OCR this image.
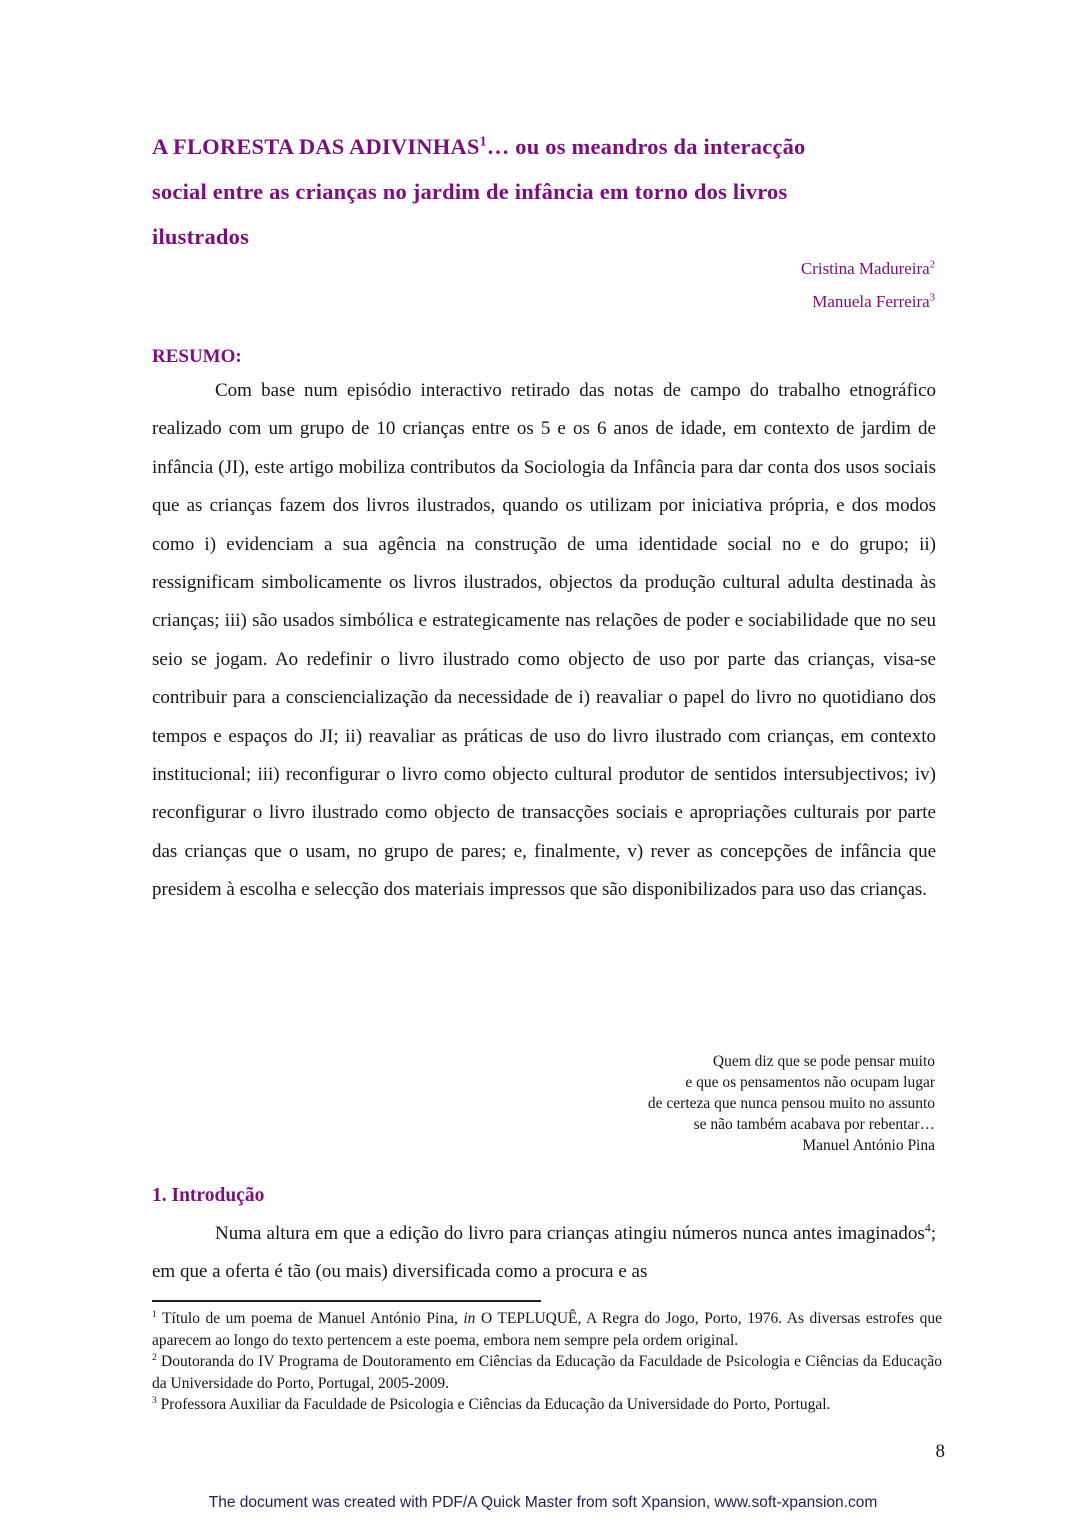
A FLORESTA DAS ADIVINHAS$^1$… ou os meandros da interacção
social entre as crianças no jardim de infância em torno dos livros
ilustrados
Cristina Madureira$^2$
Manuela Ferreira$^3$
RESUMO:

Com base num episódio interactivo retirado das notas de campo do trabalho etnográfico realizado com um grupo de 10 crianças entre os 5 e os 6 anos de idade, em contexto de jardim de infância (JI), este artigo mobiliza contributos da Sociologia da Infância para dar conta dos usos sociais que as crianças fazem dos livros ilustrados, quando os utilizam por iniciativa própria, e dos modos como i) evidenciam a sua agência na construção de uma identidade social no e do grupo; ii) ressignificam simbolicamente os livros ilustrados, objectos da produção cultural adulta destinada às crianças; iii) são usados simbólica e estrategicamente nas relações de poder e sociabilidade que no seu seio se jogam. Ao redefinir o livro ilustrado como objecto de uso por parte das crianças, visa-se contribuir para a consciencialização da necessidade de i) reavaliar o papel do livro no quotidiano dos tempos e espaços do JI; ii) reavaliar as práticas de uso do livro ilustrado com crianças, em contexto institucional; iii) reconfigurar o livro como objecto cultural produtor de sentidos intersubjectivos; iv) reconfigurar o livro ilustrado como objecto de transacções sociais e apropriações culturais por parte das crianças que o usam, no grupo de pares; e, finalmente, v) rever as concepções de infância que presidem à escolha e selecção dos materiais impressos que são disponibilizados para uso das crianças.

Quem diz que se pode pensar muito
e que os pensamentos não ocupam lugar
de certeza que nunca pensou muito no assunto
se não também acabava por rebentar…
Manuel António Pina
1. Introdução

Numa altura em que a edição do livro para crianças atingiu números nunca antes imaginados$^4$; em que a oferta é tão (ou mais) diversificada como a procura e as

$^1$ Título de um poema de Manuel António Pina, in O TEPLUQUÊ, A Regra do Jogo, Porto, 1976. As diversas estrofes que aparecem ao longo do texto pertencem a este poema, embora nem sempre pela ordem original.

$^2$ Doutoranda do IV Programa de Doutoramento em Ciências da Educação da Faculdade de Psicologia e Ciências da Educação da Universidade do Porto, Portugal, 2005-2009.

$^3$ Professora Auxiliar da Faculdade de Psicologia e Ciências da Educação da Universidade do Porto, Portugal.

8
The document was created with PDF/A Quick Master from soft Xpansion, www.soft-xpansion.com
